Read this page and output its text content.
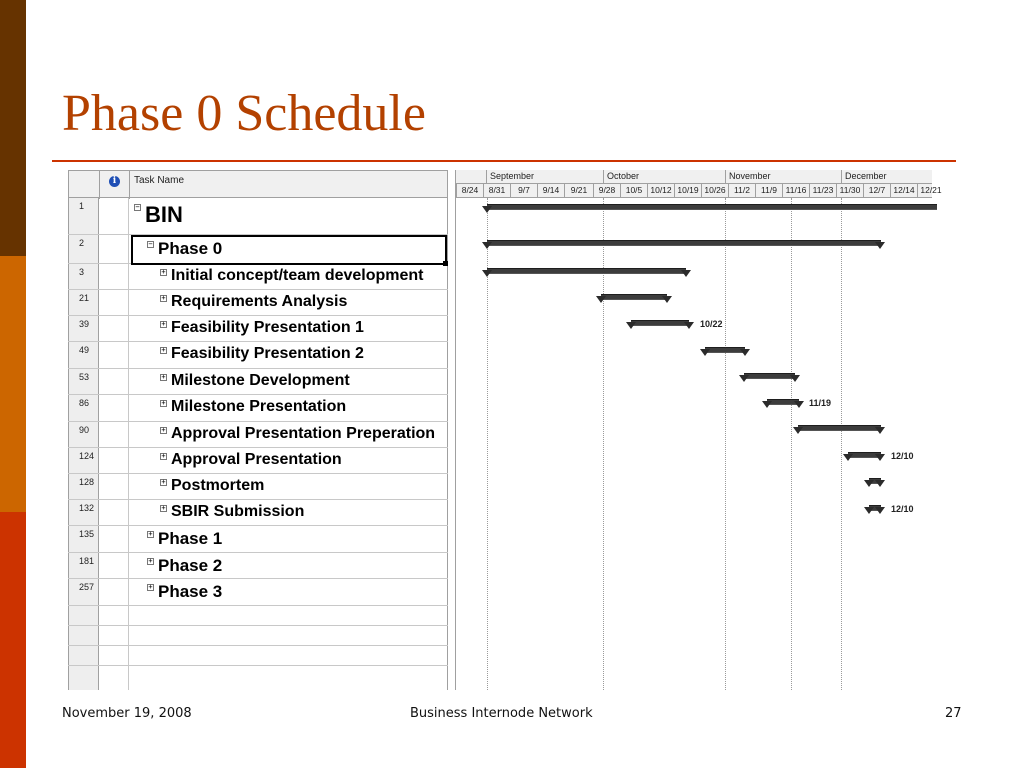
Phase 0 Schedule
i	Task Name
1	− BIN
2	− Phase 0
3	+ Initial concept/team development
21	+ Requirements Analysis
39	+ Feasibility Presentation 1
49	+ Feasibility Presentation 2
53	+ Milestone Development
86	+ Milestone Presentation
90	+ Approval Presentation Preperation
124	+ Approval Presentation
128	+ Postmortem
132	+ SBIR Submission
135	+ Phase 1
181	+ Phase 2
257	+ Phase 3
September	October	November	December
8/24	8/31	9/7	9/14	9/21	9/28	10/5 10/12 10/19 10/26 11/2	11/9	11/16 11/23 11/30 12/7 12/14 12/21
10/22
11/19
12/10
12/10
November 19, 2008	Business Internode Network	27
